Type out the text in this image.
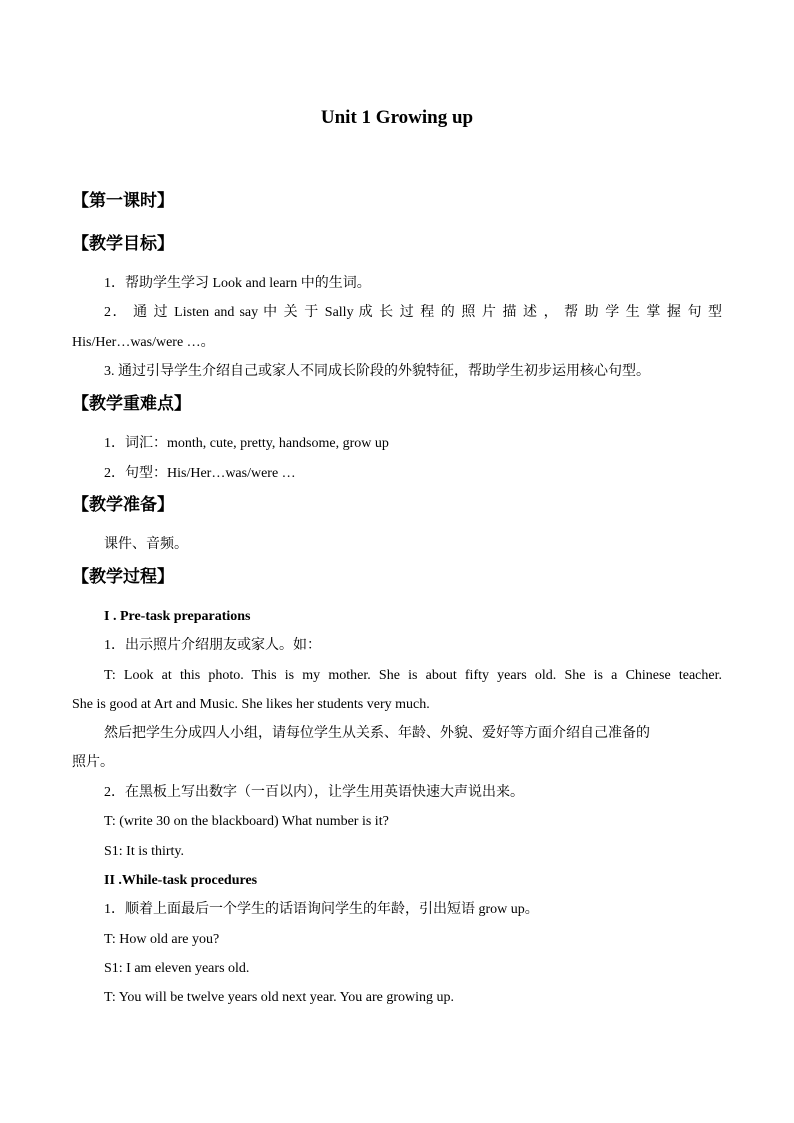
Unit 1 Growing up
【第一课时】
【教学目标】
1．帮助学生学习 Look and learn 中的生词。
2． 通 过 Listen and say 中 关 于 Sally 成 长 过 程 的 照 片 描 述 ， 帮 助 学 生 掌 握 句 型
His/Her…was/were …。
3. 通过引导学生介绍自己或家人不同成长阶段的外貌特征，帮助学生初步运用核心句型。
【教学重难点】
1．词汇：month, cute, pretty, handsome, grow up
2．句型：His/Her…was/were …
【教学准备】
课件、音频。
【教学过程】
I . Pre-task preparations
1．出示照片介绍朋友或家人。如：
T: Look at this photo. This is my mother. She is about fifty years old. She is a Chinese teacher.
She is good at Art and Music. She likes her students very much.
然后把学生分成四人小组，请每位学生从关系、年龄、外貌、爱好等方面介绍自己准备的
照片。
2．在黑板上写出数字（一百以内），让学生用英语快速大声说出来。
T: (write 30 on the blackboard) What number is it?
S1: It is thirty.
II .While-task procedures
1．顺着上面最后一个学生的话语询问学生的年龄，引出短语 grow up。
T: How old are you?
S1: I am eleven years old.
T: You will be twelve years old next year. You are growing up.
